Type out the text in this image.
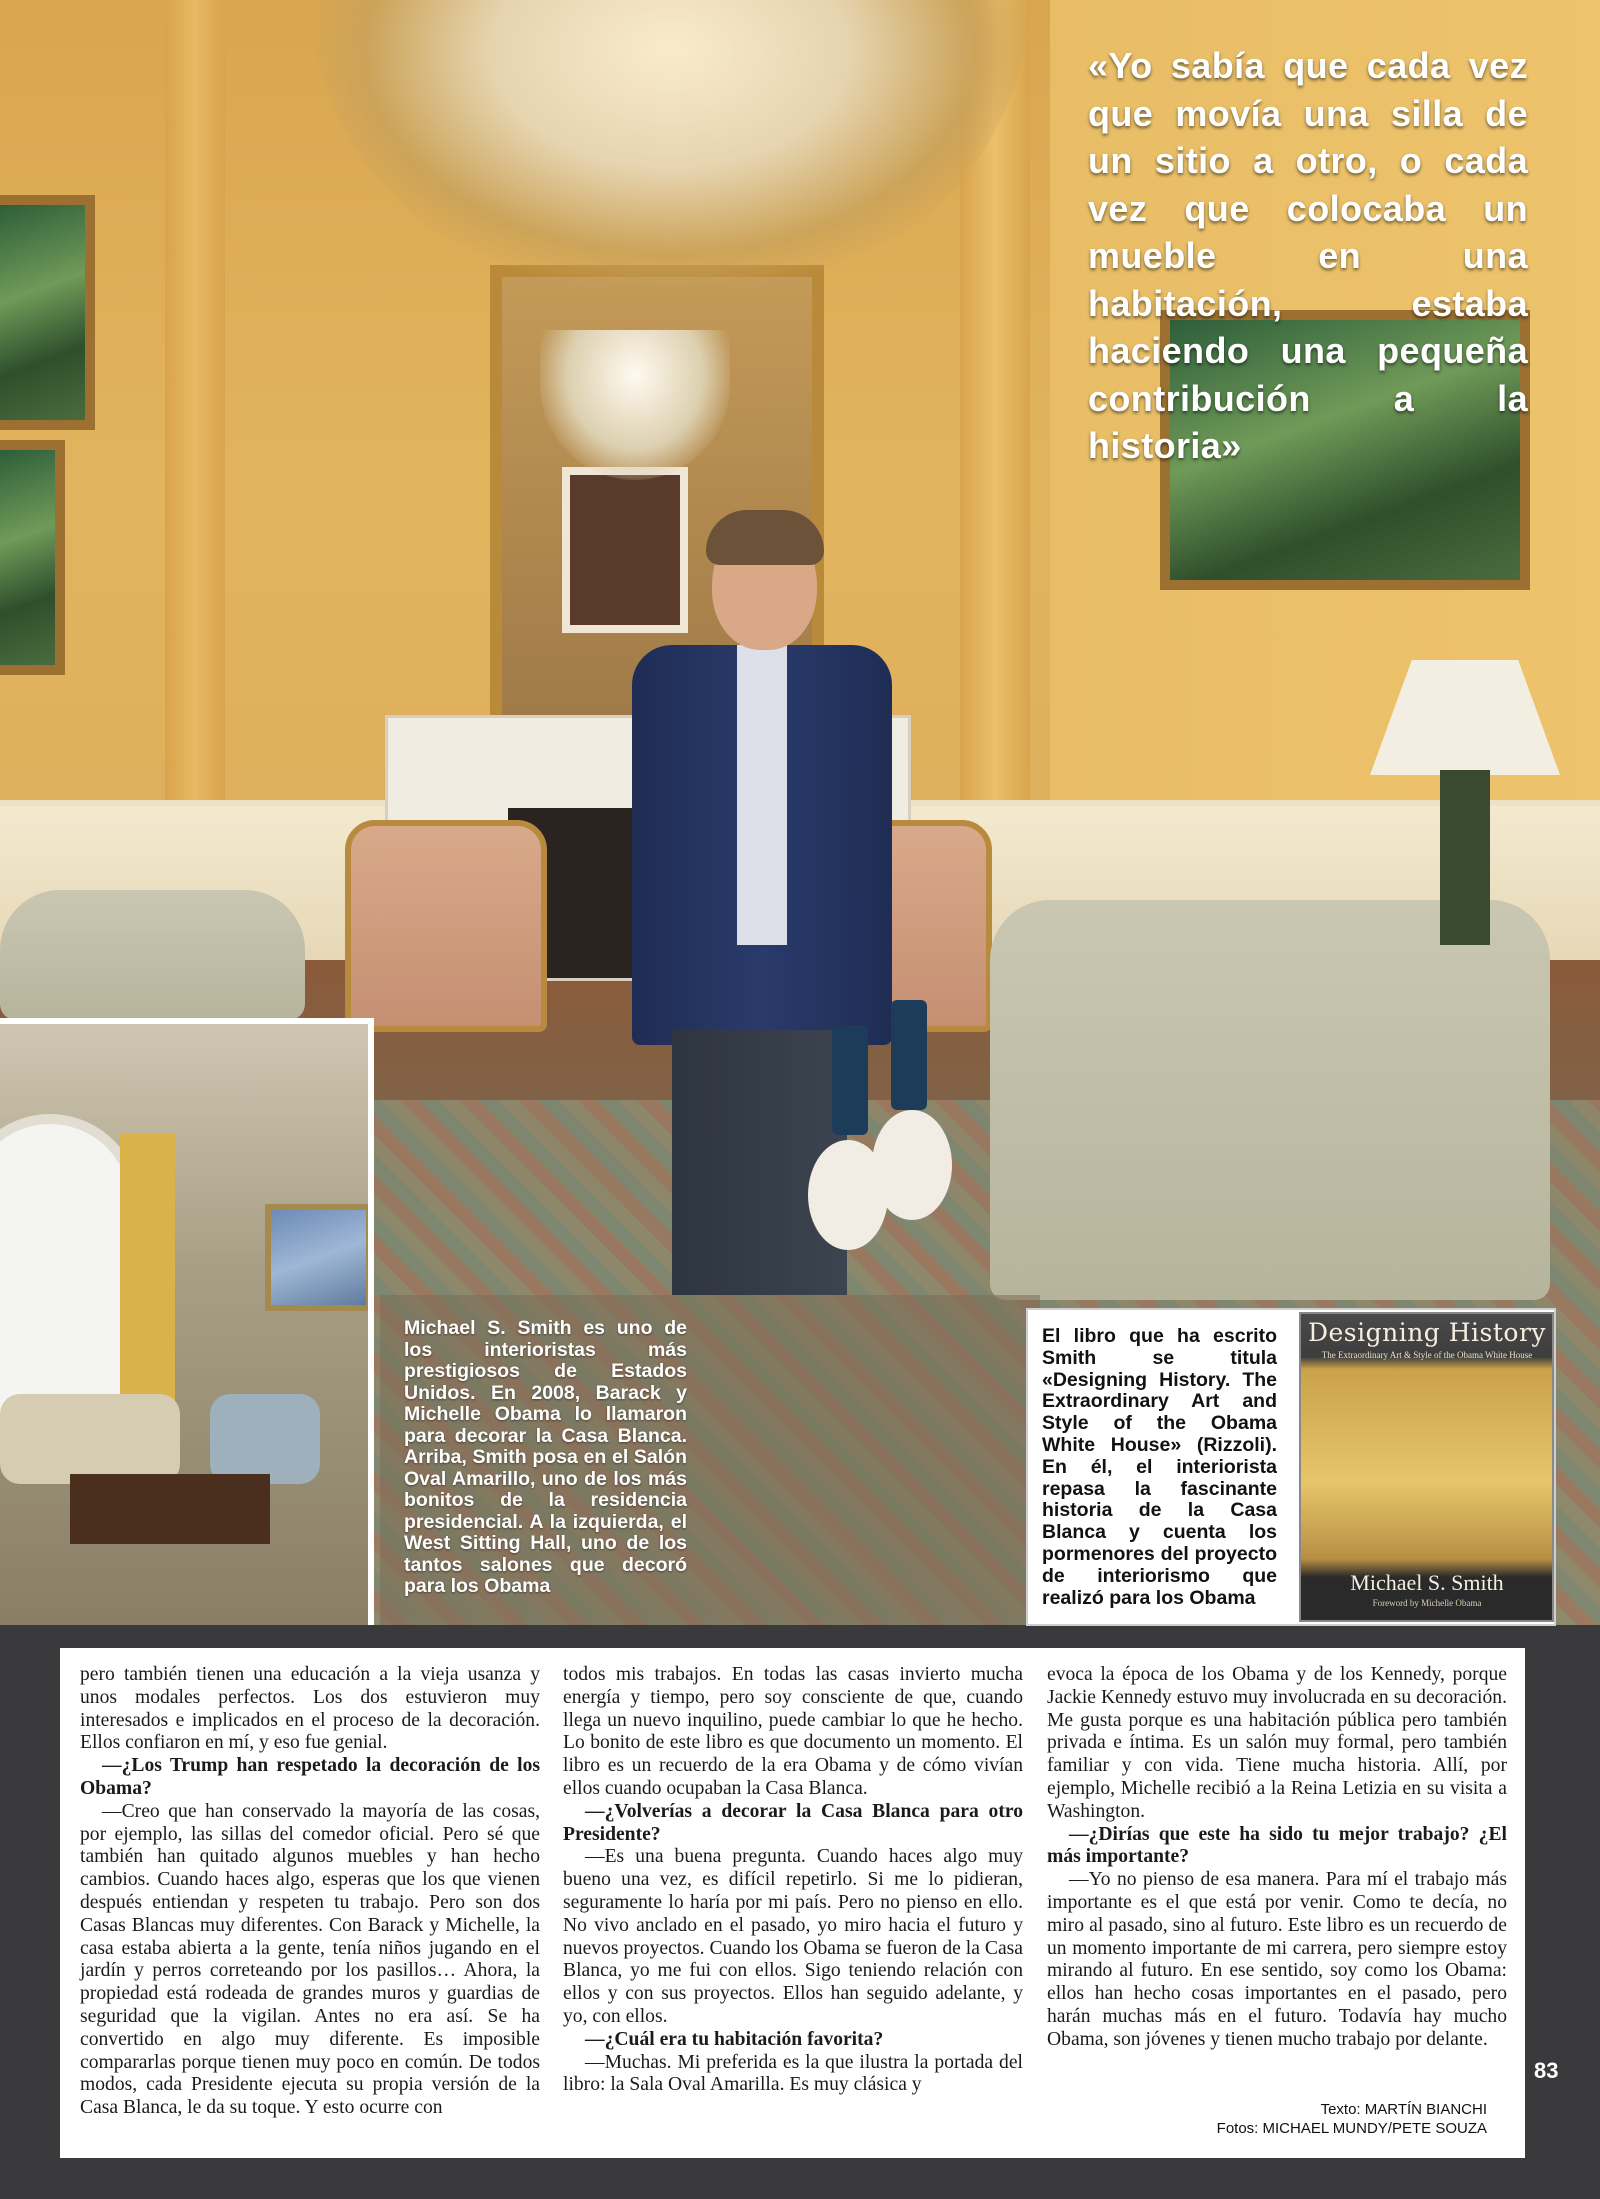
«Yo sabía que cada vez que movía una silla de un sitio a otro, o cada vez que colocaba un mueble en una habitación, estaba haciendo una pequeña contribución a la historia»
Michael S. Smith es uno de los interioristas más prestigiosos de Estados Unidos. En 2008, Barack y Michelle Obama lo llamaron para decorar la Casa Blanca. Arriba, Smith posa en el Salón Oval Amarillo, uno de los más bonitos de la residencia presidencial. A la izquierda, el West Sitting Hall, uno de los tantos salones que decoró para los Obama
El libro que ha escrito Smith se titula «Designing History. The Extraordinary Art and Style of the Obama White House» (Rizzoli). En él, el interiorista repasa la fascinante historia de la Casa Blanca y cuenta los pormenores del proyecto de interiorismo que realizó para los Obama
Designing History
The Extraordinary Art & Style of the Obama White House
Michael S. Smith
Foreword by Michelle Obama

pero también tienen una educación a la vieja usanza y unos modales perfectos. Los dos estuvieron muy interesados e implicados en el proceso de la decoración. Ellos confiaron en mí, y eso fue genial.

—¿Los Trump han respetado la decoración de los Obama?

—Creo que han conservado la mayoría de las cosas, por ejemplo, las sillas del comedor oficial. Pero sé que también han quitado algunos muebles y han hecho cambios. Cuando haces algo, esperas que los que vienen después entiendan y respeten tu trabajo. Pero son dos Casas Blancas muy diferentes. Con Barack y Michelle, la casa estaba abierta a la gente, tenía niños jugando en el jardín y perros correteando por los pasillos… Ahora, la propiedad está rodeada de grandes muros y guardias de seguridad que la vigilan. Antes no era así. Se ha convertido en algo muy diferente. Es imposible compararlas porque tienen muy poco en común. De todos modos, cada Presidente ejecuta su propia versión de la Casa Blanca, le da su toque. Y esto ocurre con

todos mis trabajos. En todas las casas invierto mucha energía y tiempo, pero soy consciente de que, cuando llega un nuevo inquilino, puede cambiar lo que he hecho. Lo bonito de este libro es que documento un momento. El libro es un recuerdo de la era Obama y de cómo vivían ellos cuando ocupaban la Casa Blanca.

—¿Volverías a decorar la Casa Blanca para otro Presidente?

—Es una buena pregunta. Cuando haces algo muy bueno una vez, es difícil repetirlo. Si me lo pidieran, seguramente lo haría por mi país. Pero no pienso en ello. No vivo anclado en el pasado, yo miro hacia el futuro y nuevos proyectos. Cuando los Obama se fueron de la Casa Blanca, yo me fui con ellos. Sigo teniendo relación con ellos y con sus proyectos. Ellos han seguido adelante, y yo, con ellos.

—¿Cuál era tu habitación favorita?

—Muchas. Mi preferida es la que ilustra la portada del libro: la Sala Oval Amarilla. Es muy clásica y

evoca la época de los Obama y de los Kennedy, porque Jackie Kennedy estuvo muy involucrada en su decoración. Me gusta porque es una habitación pública pero también privada e íntima. Es un salón muy formal, pero también familiar y con vida. Tiene mucha historia. Allí, por ejemplo, Michelle recibió a la Reina Letizia en su visita a Washington.

—¿Dirías que este ha sido tu mejor trabajo? ¿El más importante?

—Yo no pienso de esa manera. Para mí el trabajo más importante es el que está por venir. Como te decía, no miro al pasado, sino al futuro. Este libro es un recuerdo de un momento importante de mi carrera, pero siempre estoy mirando al futuro. En ese sentido, soy como los Obama: ellos han hecho cosas importantes en el pasado, pero harán muchas más en el futuro. Todavía hay mucho Obama, son jóvenes y tienen mucho trabajo por delante.

Texto: MARTÍN BIANCHI
Fotos: MICHAEL MUNDY/PETE SOUZA
83
